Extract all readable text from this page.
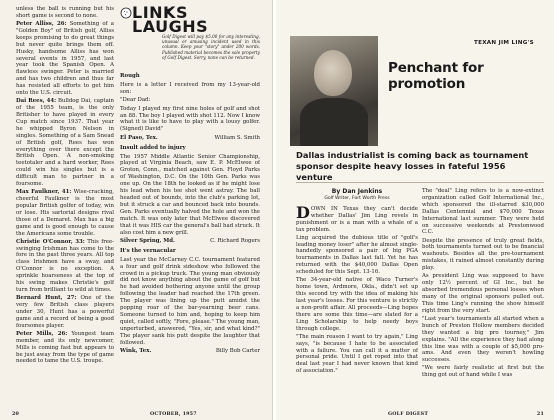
unless the ball is running but his short game is second to none.

Peter Alliss, 26: Something of a "Golden Boy" of British golf, Alliss keeps promising to do great things but never quite brings them off. Husky, handsome Alliss has won several events in 1957, and last year took the Spanish Open. A flawless swinger. Peter is married and has two children and thus far has resisted all efforts to get him onto the U.S. circuit.

Dai Rees, 44: Bulldog Dai, captain of the 1955 team, is the only Britisher to have played in every Cup match since 1937. That year he whipped Byron Nelson in singles. Something of a Sam Snead of British golf, Rees has won everything over there except the British Open. A non-smoking teetotaler and a hard worker, Rees could win his singles but is a difficult man to partner in a foursome.

Max Faulkner, 41: Wise-cracking, cheerful Faulkner is the most popular British golfer of today, win or lose. His sartorial designs rival those of a Demaret. Max has a big game and is good enough to cause the Americans some trouble.

Christie O'Connor, 33: This free-swinging Irishman has come to the fore in the past three years. All top class Irishmen have a sway, and O'Connor is no exception. A sprinkle hoarseness at the top of his swing makes Christie's golf turn from brilliant to wild at times.

Bernard Hunt, 27: One of the very few British class players under 30, Hunt has a powerful game and a record of being a good foursomes player.

Peter Mills, 26: Youngest team member, and its only newcomer, Mills is coming fast but appears to be just away from the type of game needed to tame the U.S. troupe.

LINKS
LAUGHS
Golf Digest will pay $5.00 for any interesting, unusual or amusing incident used in this column. Keep your "story" under 200 words. Published material becomes the sole property of Golf Digest. Sorry, none can be returned.
Rough

Here is a letter I received from my 13-year-old son:

"Dear Dad:

Today I played my first nine holes of golf and shot an 88. The boy I played with shot 112. Now I know what it is like to have to play with a lousy golfer. (Signed) David"

El Paso, Tex.	William S. Smith
Insult added to injury

The 1957 Middle Atlantic Senior Championship, played at Virginia Beach, saw E. P. McElwee of Groton, Conn., matched against Gen. Floyd Parks of Washington, D.C. On the 10th Gen. Parks was one up. On the 18th he looked as if he might lose his lead when his tee shot went astray. The ball headed out of bounds, into the club's parking lot, but it struck a car and bounced back into bounds. Gen. Parks eventually halved the hole and won the match. It was only later that McElwee discovered that it was HIS car the general's ball had struck. It also cost him a new grill.

Silver Spring, Md.	C. Richard Rogers
It's the vernacular

Last year the McCarney C.C. tournament featured a four and golf drink sideshow who followed the crowd in a pickup truck. The young man obviously did not know anything about the game of golf but he had avoided bothering anyone until the group following the leader had reached the 17th green. The player was lining up the putt amidst the popping roar of the bar-yearning beer cans. Someone turned to him and, hoping to keep him quiet, called softly, "Fore, please." The young man, unperturbed, answered, "Yes, sir, and what kind?" The player sank his putt despite the laughter that followed.

Wink, Tex.	Billy Bob Carter
20	OCTOBER, 1957
TEXAN JIM LING'S
Penchant for promotion
Dallas industrialist is coming back as tournament sponsor despite heavy losses in fateful 1956 venture
By Dan Jenkins
Golf Writer, Fort Worth Press

DOWN IN Texas they can't decide whether Dallas' Jim Ling revels in punishment or is a man with a whale of a tax problem.

Ling acquired the dubious title of "golf's leading money loser" after he almost single-handedly sponsored a pair of big PGA tournaments in Dallas last fall. Yet he has returned with the $40,000 Dallas Open scheduled for this Sept. 13-16.

The 34-year-old native of Waco Turner's home town, Ardmore, Okla., didn't set up this second try with the idea of making his last year's losses. For this venture is strictly a non-profit affair. All proceeds—Ling hopes there are some this time—are slated for a Ling Scholarship to help needy boys through college.

"The main reason I want to try again," Ling says, "is because I hate to be associated with a failure. You can call it a matter of personal pride. Until I get roped into that deal last year I had never known that kind of association."

The "deal" Ling refers to is a now-extinct organization called Golf International Inc., which sponsored the ill-starred $30,000 Dallas Centennial and $70,000 Texas International last summer. They were held on successive weekends at Prestonwood C.C.

Despite the presence of truly great fields, both tournaments turned out to be financial washouts. Besides all the pre-tournament mistakes, it rained almost constantly during play.

As president Ling was supposed to have only 12½ percent of GI Inc., but he absorbed tremendous personal losses when many of the original sponsors pulled out. This time Ling's running the show himself right from the very start.

"Last year's tournaments all started when a bunch of Preston Hollow members decided they wanted a big pro tourney," Jim explains. "All the experience they had along this line was with a couple of $5,000 pro-ams. And even they weren't howling successes.

"We were fairly realistic at first but the thing got out of hand while I was

GOLF DIGEST	21
